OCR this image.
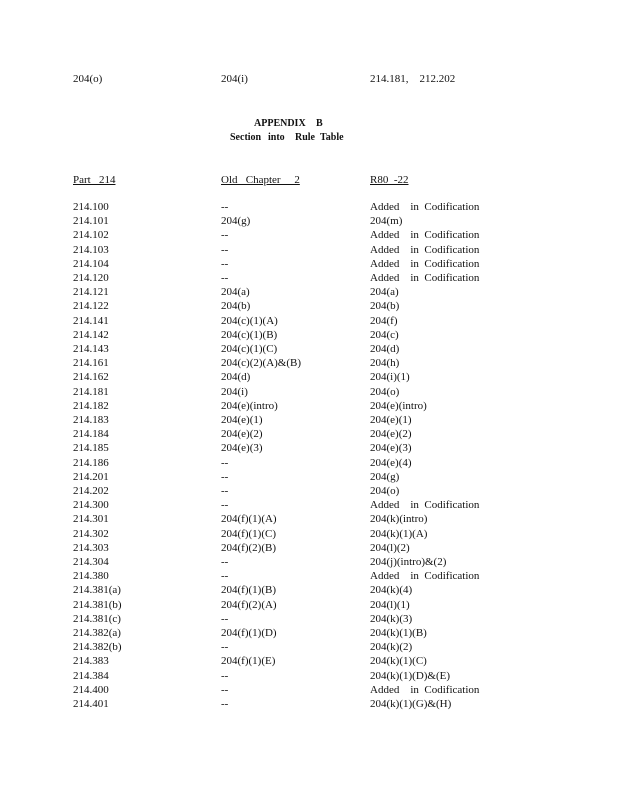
204(o)	204(i)	214.181,    212.202
APPENDIX B
Section into Rule Table
Part   214	Old   Chapter     2	R80  -22
214.100	--	Added    in  Codification
214.101	204(g)	204(m)
214.102	--	Added    in  Codification
214.103	--	Added    in  Codification
214.104	--	Added    in  Codification
214.120	--	Added    in  Codification
214.121	204(a)	204(a)
214.122	204(b)	204(b)
214.141	204(c)(1)(A)	204(f)
214.142	204(c)(1)(B)	204(c)
214.143	204(c)(1)(C)	204(d)
214.161	204(c)(2)(A)&(B)	204(h)
214.162	204(d)	204(i)(1)
214.181	204(i)	204(o)
214.182	204(e)(intro)	204(e)(intro)
214.183	204(e)(1)	204(e)(1)
214.184	204(e)(2)	204(e)(2)
214.185	204(e)(3)	204(e)(3)
214.186	--	204(e)(4)
214.201	--	204(g)
214.202	--	204(o)
214.300	--	Added    in  Codification
214.301	204(f)(1)(A)	204(k)(intro)
214.302	204(f)(1)(C)	204(k)(1)(A)
214.303	204(f)(2)(B)	204(l)(2)
214.304	--	204(j)(intro)&(2)
214.380	--	Added    in  Codification
214.381(a)	204(f)(1)(B)	204(k)(4)
214.381(b)	204(f)(2)(A)	204(l)(1)
214.381(c)	--	204(k)(3)
214.382(a)	204(f)(1)(D)	204(k)(1)(B)
214.382(b)	--	204(k)(2)
214.383	204(f)(1)(E)	204(k)(1)(C)
214.384	--	204(k)(1)(D)&(E)
214.400	--	Added    in  Codification
214.401	--	204(k)(1)(G)&(H)
